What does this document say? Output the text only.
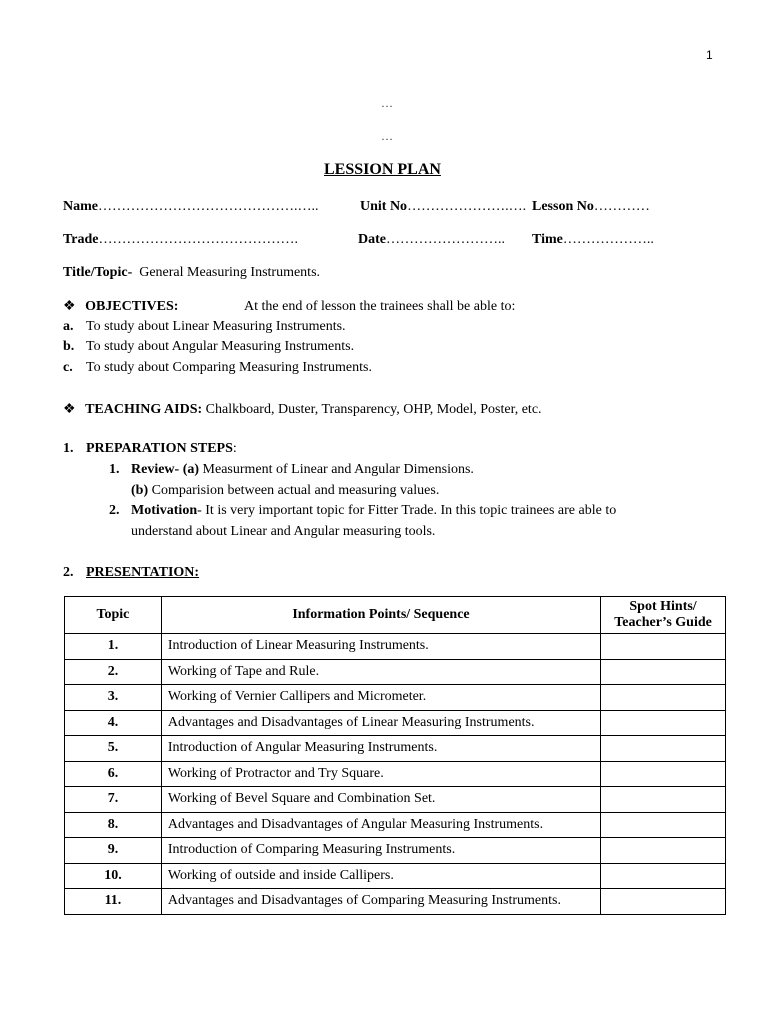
1
…
…
LESSION PLAN
Name…………………………………….…..	Unit No………………….…. Lesson No…………
Trade…………………………………….	Date…………………….. Time………………..
Title/Topic- General Measuring Instruments.
❖ OBJECTIVES:	At the end of lesson the trainees shall be able to:
a. To study about Linear Measuring Instruments.
b. To study about Angular Measuring Instruments.
c. To study about Comparing Measuring Instruments.
❖ TEACHING AIDS: Chalkboard, Duster, Transparency, OHP, Model, Poster, etc.
1. PREPARATION STEPS:
1. Review- (a) Measurment of Linear and Angular Dimensions.
(b) Comparision between actual and measuring values.
2. Motivation- It is very important topic for Fitter Trade. In this topic trainees are able to
understand about Linear and Angular measuring tools.
2. PRESENTATION:
Topic	Information Points/ Sequence	Spot Hints/
Teacher’s Guide
1.	Introduction of Linear Measuring Instruments.	
2.	Working of Tape and Rule.	
3.	Working of Vernier Callipers and Micrometer.	
4.	Advantages and Disadvantages of Linear Measuring Instruments.	
5.	Introduction of Angular Measuring Instruments.	
6.	Working of Protractor and Try Square.	
7.	Working of Bevel Square and Combination Set.	
8.	Advantages and Disadvantages of Angular Measuring Instruments.	
9.	Introduction of Comparing Measuring Instruments.	
10.	Working of outside and inside Callipers.	
11.	Advantages and Disadvantages of Comparing Measuring Instruments.	
